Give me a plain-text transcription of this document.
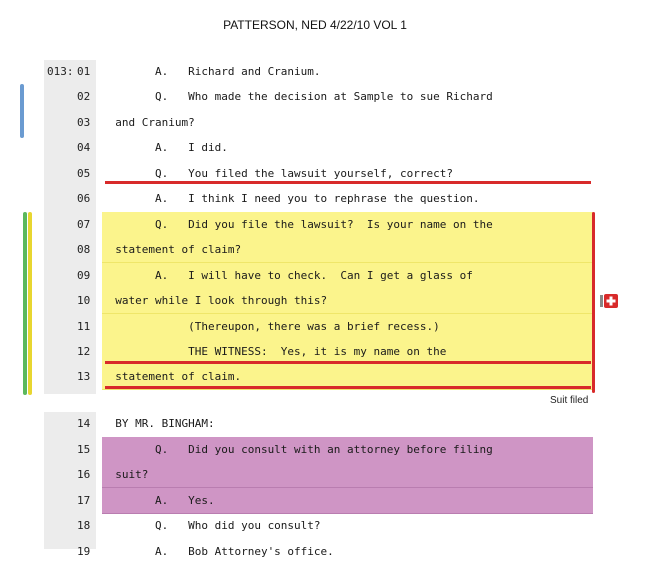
PATTERSON, NED 4/22/10 VOL 1
013: 01 A.   Richard and Cranium.
02 Q.   Who made the decision at Sample to sue Richard
03 and Cranium?
04 A.   I did.
05 Q.   You filed the lawsuit yourself, correct?
06 A.   I think I need you to rephrase the question.
07 Q.   Did you file the lawsuit?  Is your name on the
08 statement of claim?
09 A.   I will have to check.  Can I get a glass of
10 water while I look through this?
11 (Thereupon, there was a brief recess.)
12 THE WITNESS:  Yes, it is my name on the
13 statement of claim.
14 BY MR. BINGHAM:
15 Q.   Did you consult with an attorney before filing
16 suit?
17 A.   Yes.
18 Q.   Who did you consult?
19 A.   Bob Attorney's office.
Suit filed
